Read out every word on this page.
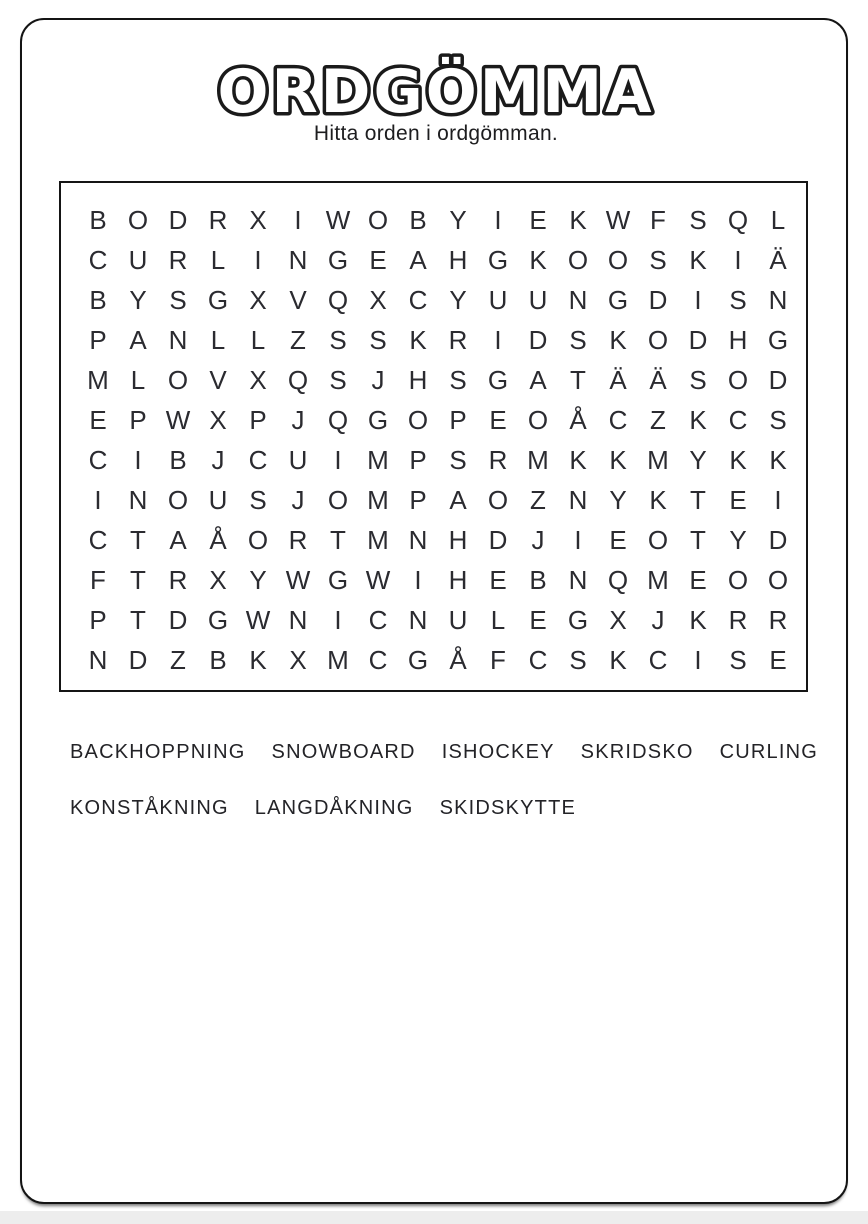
ORDGÖMMA
Hitta orden i ordgömman.
B O D R X	I W O B Y	I	E K W F S Q L
C U R L	I	N G E A H G K O O S K	I	Ä
B Y S G X V Q X C Y U U N G D	I	S N
P A N L L Z S S K R	I	D S K O D H G
M L O V X Q S J H S G A T Ä Ä S O D
E P W X P J Q G O P E O Å C Z K C S
C	I	B J C U	I M P S R M K K M Y K K
I	N O U S J O M P A O Z N Y K T E	I
C T A Å O R T M N H D J	I	E O T Y D
F T R X Y W G W I	H E B N Q M E O O
P T D G W N	I	C N U L E G X J K R R
N D Z B K X M C G Å F C S K C	I	S E
BACKHOPPNING SNOWBOARD ISHOCKEY SKRIDSKO CURLING
KONSTÅKNING LANGDÅKNING SKIDSKYTTE
